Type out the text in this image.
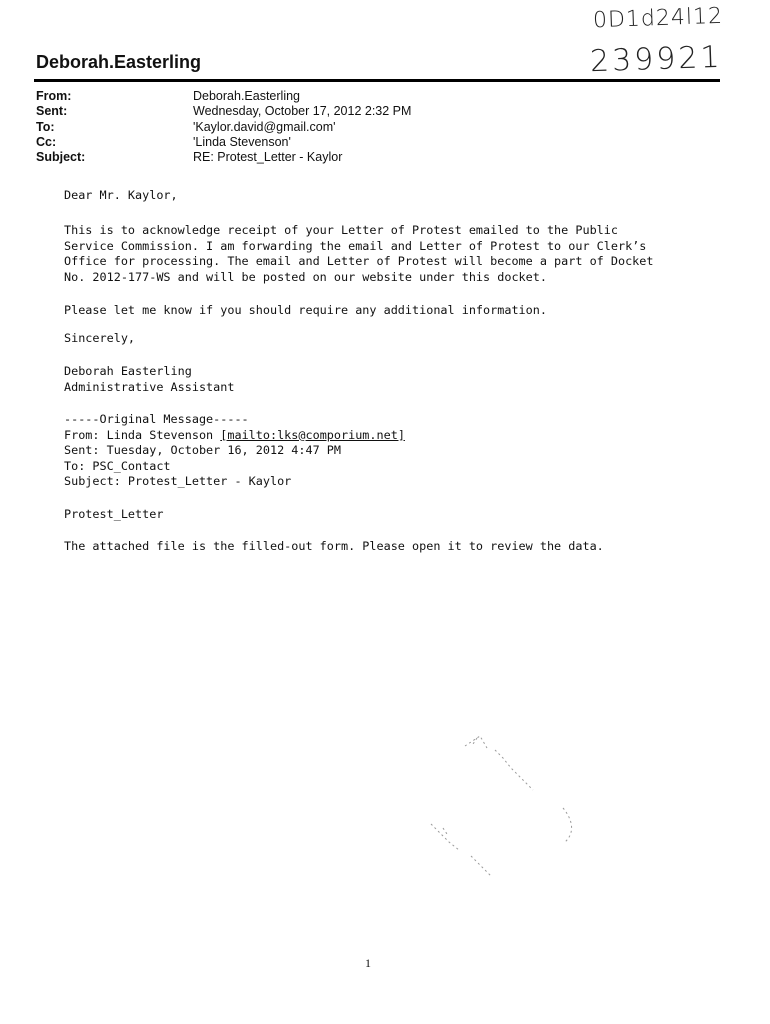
0D1d24l12
239921
Deborah.Easterling
From:	Deborah.Easterling
Sent:	Wednesday, October 17, 2012 2:32 PM
To:	'Kaylor.david@gmail.com'
Cc:	'Linda Stevenson'
Subject:	RE: Protest_Letter - Kaylor
Dear Mr. Kaylor,
This is to acknowledge receipt of your Letter of Protest emailed to the Public
Service Commission. I am forwarding the email and Letter of Protest to our Clerk’s
Office for processing. The email and Letter of Protest will become a part of Docket
No. 2012-177-WS and will be posted on our website under this docket.
Please let me know if you should require any additional information.
Sincerely,
Deborah Easterling
Administrative Assistant
-----Original Message-----
From: Linda Stevenson [mailto:lks@comporium.net]
Sent: Tuesday, October 16, 2012 4:47 PM
To: PSC_Contact
Subject: Protest_Letter - Kaylor
Protest_Letter
The attached file is the filled-out form. Please open it to review the data.
1
